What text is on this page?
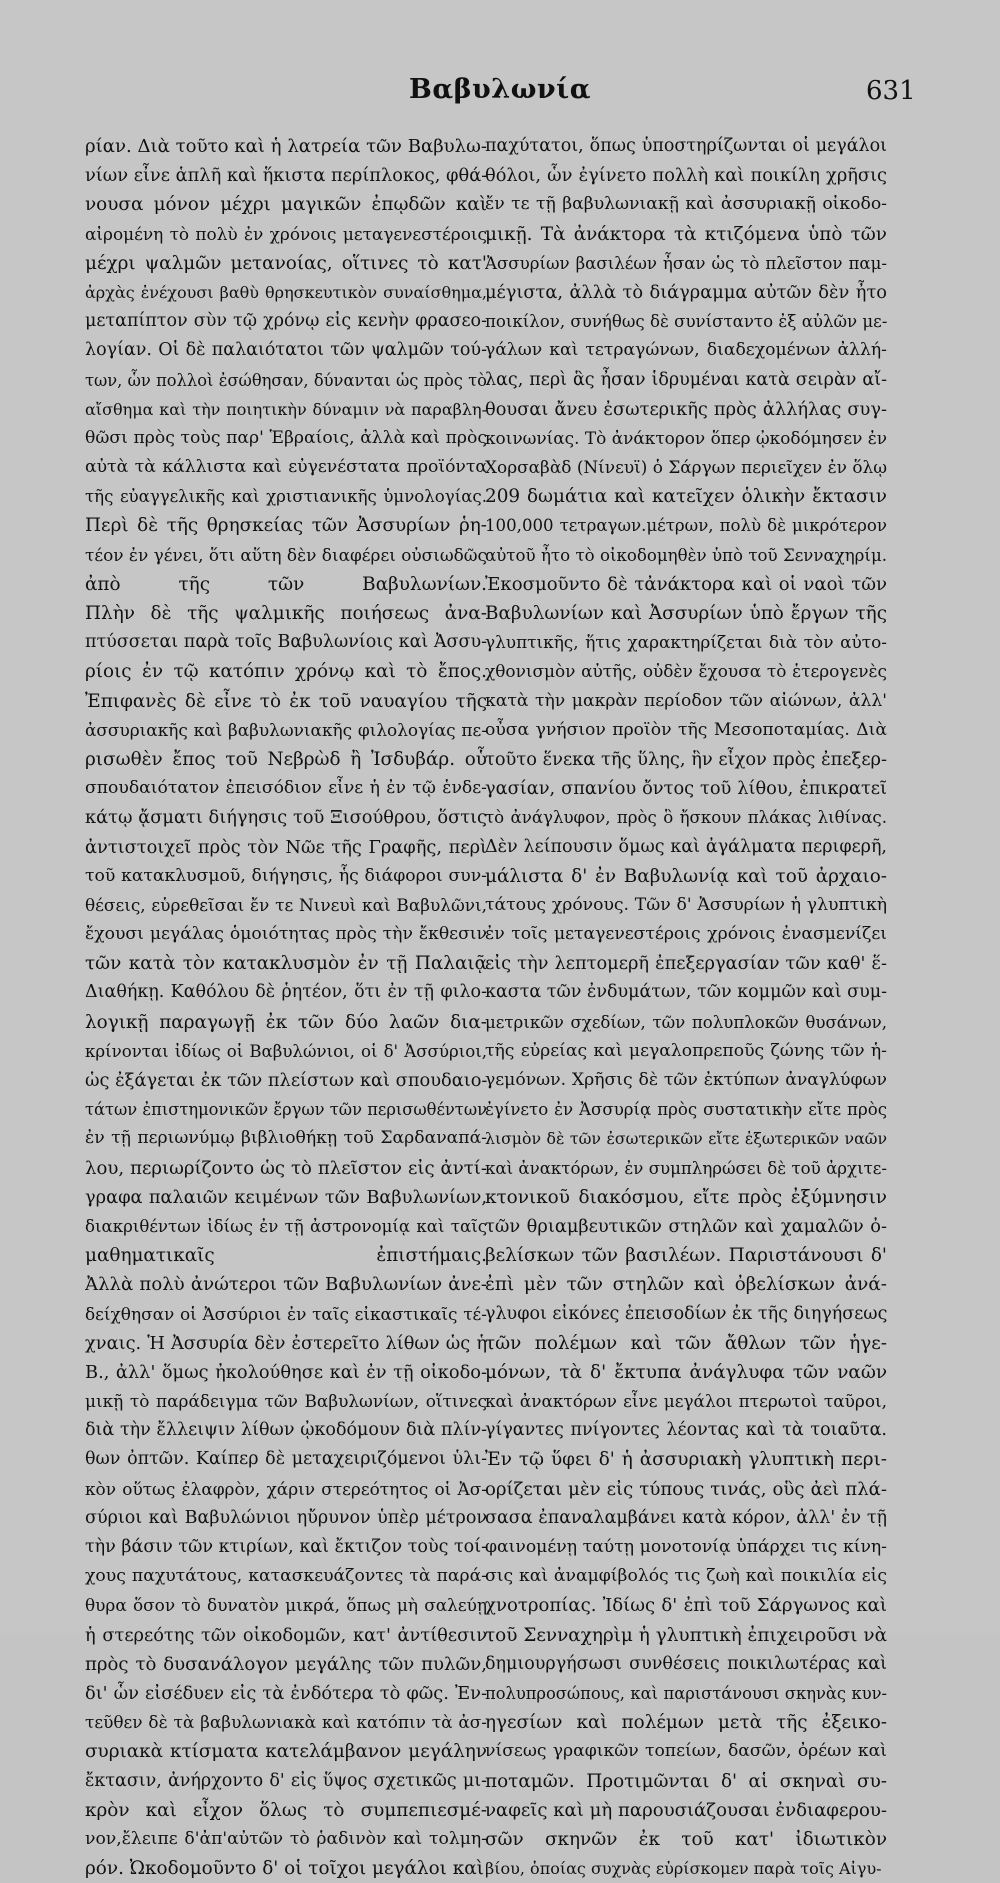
Βαβυλωνία	631
ρίαν. Διὰ τοῦτο καὶ ἡ λατρεία τῶν Βαβυλω-
νίων εἶνε ἁπλῆ καὶ ἥκιστα περίπλοκος, φθά-
νουσα μόνον μέχρι μαγικῶν ἐπῳδῶν καὶ
αἰρομένη τὸ πολὺ ἐν χρόνοις μεταγενεστέροις
μέχρι ψαλμῶν μετανοίας, οἵτινες τὸ κατ'
ἀρχὰς ἐνέχουσι βαθὺ θρησκευτικὸν συναίσθημα,
μεταπίπτον σὺν τῷ χρόνῳ εἰς κενὴν φρασεο-
λογίαν. Οἱ δὲ παλαιότατοι τῶν ψαλμῶν τού-
των, ὧν πολλοὶ ἐσώθησαν, δύνανται ὡς πρὸς τὸ
αἴσθημα καὶ τὴν ποιητικὴν δύναμιν νὰ παραβλη-
θῶσι πρὸς τοὺς παρ' Ἑβραίοις, ἀλλὰ καὶ πρὸς
αὐτὰ τὰ κάλλιστα καὶ εὐγενέστατα προϊόντα
τῆς εὐαγγελικῆς καὶ χριστιανικῆς ὑμνολογίας.
Περὶ δὲ τῆς θρησκείας τῶν Ἀσσυρίων ῥη-
τέον ἐν γένει, ὅτι αὕτη δὲν διαφέρει οὐσιωδῶς
ἀπὸ τῆς τῶν Βαβυλωνίων.
Πλὴν δὲ τῆς ψαλμικῆς ποιήσεως ἀνα-
πτύσσεται παρὰ τοῖς Βαβυλωνίοις καὶ Ἀσσυ-
ρίοις ἐν τῷ κατόπιν χρόνῳ καὶ τὸ ἔπος.
Ἐπιφανὲς δὲ εἶνε τὸ ἐκ τοῦ ναυαγίου τῆς
ἀσσυριακῆς καὶ βαβυλωνιακῆς φιλολογίας πε-
ρισωθὲν ἔπος τοῦ Νεβρὼδ ἢ Ἰσδυβάρ. οὗ
σπουδαιότατον ἐπεισόδιον εἶνε ἡ ἐν τῷ ἑνδε-
κάτῳ ᾄσματι διήγησις τοῦ Ξισούθρου, ὅστις
ἀντιστοιχεῖ πρὸς τὸν Νῶε τῆς Γραφῆς, περὶ
τοῦ κατακλυσμοῦ, διήγησις, ἧς διάφοροι συν-
θέσεις, εὑρεθεῖσαι ἔν τε Νινευὶ καὶ Βαβυλῶνι,
ἔχουσι μεγάλας ὁμοιότητας πρὸς τὴν ἔκθεσιν
τῶν κατὰ τὸν κατακλυσμὸν ἐν τῇ Παλαιᾷ
Διαθήκῃ. Καθόλου δὲ ῥητέον, ὅτι ἐν τῇ φιλο-
λογικῇ παραγωγῇ ἐκ τῶν δύο λαῶν δια-
κρίνονται ἰδίως οἱ Βαβυλώνιοι, οἱ δ' Ἀσσύριοι,
ὡς ἐξάγεται ἐκ τῶν πλείστων καὶ σπουδαιο-
τάτων ἐπιστημονικῶν ἔργων τῶν περισωθέντων
ἐν τῇ περιωνύμῳ βιβλιοθήκῃ τοῦ Σαρδαναπά-
λου, περιωρίζοντο ὡς τὸ πλεῖστον εἰς ἀντί-
γραφα παλαιῶν κειμένων τῶν Βαβυλωνίων,
διακριθέντων ἰδίως ἐν τῇ ἀστρονομίᾳ καὶ ταῖς
μαθηματικαῖς ἐπιστήμαις.
Ἀλλὰ πολὺ ἀνώτεροι τῶν Βαβυλωνίων ἀνε-
δείχθησαν οἱ Ἀσσύριοι ἐν ταῖς εἰκαστικαῖς τέ-
χναις. Ἡ Ἀσσυρία δὲν ἐστερεῖτο λίθων ὡς ἡ
Β., ἀλλ' ὅμως ἠκολούθησε καὶ ἐν τῇ οἰκοδο-
μικῇ τὸ παράδειγμα τῶν Βαβυλωνίων, οἵτινες
διὰ τὴν ἔλλειψιν λίθων ᾠκοδόμουν διὰ πλίν-
θων ὀπτῶν. Καίπερ δὲ μεταχειριζόμενοι ὑλι-
κὸν οὕτως ἐλαφρὸν, χάριν στερεότητος οἱ Ἀσ-
σύριοι καὶ Βαβυλώνιοι ηὔρυνον ὑπὲρ μέτρον
τὴν βάσιν τῶν κτιρίων, καὶ ἔκτιζον τοὺς τοί-
χους παχυτάτους, κατασκευάζοντες τὰ παρά-
θυρα ὅσον τὸ δυνατὸν μικρά, ὅπως μὴ σαλεύῃ
ἡ στερεότης τῶν οἰκοδομῶν, κατ' ἀντίθεσιν
πρὸς τὸ δυσανάλογον μεγάλης τῶν πυλῶν,
δι' ὧν εἰσέδυεν εἰς τὰ ἐνδότερα τὸ φῶς. Ἐν-
τεῦθεν δὲ τὰ βαβυλωνιακὰ καὶ κατόπιν τὰ ἀσ-
συριακὰ κτίσματα κατελάμβανον μεγάλην
ἔκτασιν, ἀνήρχοντο δ' εἰς ὕψος σχετικῶς μι-
κρὸν καὶ εἶχον ὅλως τὸ συμπεπιεσμέ-
νον,ἔλειπε δ'ἀπ'αὐτῶν τὸ ῥαδινὸν καὶ τολμη-
ρόν. Ὠκοδομοῦντο δ' οἱ τοῖχοι μεγάλοι καὶ
παχύτατοι, ὅπως ὑποστηρίζωνται οἱ μεγάλοι
θόλοι, ὧν ἐγίνετο πολλὴ καὶ ποικίλη χρῆσις
ἔν τε τῇ βαβυλωνιακῇ καὶ ἀσσυριακῇ οἰκοδο-
μικῇ. Τὰ ἀνάκτορα τὰ κτιζόμενα ὑπὸ τῶν
Ἀσσυρίων βασιλέων ἦσαν ὡς τὸ πλεῖστον παμ-
μέγιστα, ἀλλὰ τὸ διάγραμμα αὐτῶν δὲν ἦτο
ποικίλον, συνήθως δὲ συνίσταντο ἐξ αὐλῶν με-
γάλων καὶ τετραγώνων, διαδεχομένων ἀλλή-
λας, περὶ ἃς ἦσαν ἱδρυμέναι κατὰ σειρὰν αἴ-
θουσαι ἄνευ ἐσωτερικῆς πρὸς ἀλλήλας συγ-
κοινωνίας. Τὸ ἀνάκτορον ὅπερ ᾠκοδόμησεν ἐν
Χορσαβὰδ (Νίνευϊ) ὁ Σάργων περιεῖχεν ἐν ὅλῳ
209 δωμάτια καὶ κατεῖχεν ὁλικὴν ἔκτασιν
100,000 τετραγων.μέτρων, πολὺ δὲ μικρότερον
αὐτοῦ ἦτο τὸ οἰκοδομηθὲν ὑπὸ τοῦ Σενναχηρίμ.
Ἐκοσμοῦντο δὲ τἀνάκτορα καὶ οἱ ναοὶ τῶν
Βαβυλωνίων καὶ Ἀσσυρίων ὑπὸ ἔργων τῆς
γλυπτικῆς, ἥτις χαρακτηρίζεται διὰ τὸν αὐτο-
χθονισμὸν αὐτῆς, οὐδὲν ἔχουσα τὸ ἑτερογενὲς
κατὰ τὴν μακρὰν περίοδον τῶν αἰώνων, ἀλλ'
οὖσα γνήσιον προϊὸν τῆς Μεσοποταμίας. Διὰ
τοῦτο ἕνεκα τῆς ὕλης, ἣν εἶχον πρὸς ἐπεξερ-
γασίαν, σπανίου ὄντος τοῦ λίθου, ἐπικρατεῖ
τὸ ἀνάγλυφον, πρὸς ὃ ἤσκουν πλάκας λιθίνας.
Δὲν λείπουσιν ὅμως καὶ ἀγάλματα περιφερῆ,
μάλιστα δ' ἐν Βαβυλωνίᾳ καὶ τοῦ ἀρχαιο-
τάτους χρόνους. Τῶν δ' Ἀσσυρίων ἡ γλυπτικὴ
ἐν τοῖς μεταγενεστέροις χρόνοις ἐνασμενίζει
εἰς τὴν λεπτομερῆ ἐπεξεργασίαν τῶν καθ' ἕ-
καστα τῶν ἐνδυμάτων, τῶν κομμῶν καὶ συμ-
μετρικῶν σχεδίων, τῶν πολυπλοκῶν θυσάνων,
τῆς εὐρείας καὶ μεγαλοπρεποῦς ζώνης τῶν ἡ-
γεμόνων. Χρῆσις δὲ τῶν ἐκτύπων ἀναγλύφων
ἐγίνετο ἐν Ἀσσυρίᾳ πρὸς συστατικὴν εἴτε πρὸς
λισμὸν δὲ τῶν ἐσωτερικῶν εἴτε ἐξωτερικῶν ναῶν
καὶ ἀνακτόρων, ἐν συμπληρώσει δὲ τοῦ ἀρχιτε-
κτονικοῦ διακόσμου, εἴτε πρὸς ἐξύμνησιν
τῶν θριαμβευτικῶν στηλῶν καὶ χαμαλῶν ὀ-
βελίσκων τῶν βασιλέων. Παριστάνουσι δ'
ἐπὶ μὲν τῶν στηλῶν καὶ ὀβελίσκων ἀνά-
γλυφοι εἰκόνες ἐπεισοδίων ἐκ τῆς διηγήσεως
τῶν πολέμων καὶ τῶν ἄθλων τῶν ἡγε-
μόνων, τὰ δ' ἔκτυπα ἀνάγλυφα τῶν ναῶν
καὶ ἀνακτόρων εἶνε μεγάλοι πτερωτοὶ ταῦροι,
γίγαντες πνίγοντες λέοντας καὶ τὰ τοιαῦτα.
Ἐν τῷ ὕφει δ' ἡ ἀσσυριακὴ γλυπτικὴ περι-
ορίζεται μὲν εἰς τύπους τινάς, οὓς ἀεὶ πλά-
σασα ἐπαναλαμβάνει κατὰ κόρον, ἀλλ' ἐν τῇ
φαινομένῃ ταύτῃ μονοτονίᾳ ὑπάρχει τις κίνη-
σις καὶ ἀναμφίβολός τις ζωὴ καὶ ποικιλία εἰς
χνοτροπίας. Ἰδίως δ' ἐπὶ τοῦ Σάργωνος καὶ
τοῦ Σενναχηρὶμ ἡ γλυπτικὴ ἐπιχειροῦσι νὰ
δημιουργήσωσι συνθέσεις ποικιλωτέρας καὶ
πολυπροσώπους, καὶ παριστάνουσι σκηνὰς κυν-
ηγεσίων καὶ πολέμων μετὰ τῆς ἐξεικο-
νίσεως γραφικῶν τοπείων, δασῶν, ὀρέων καὶ
ποταμῶν. Προτιμῶνται δ' αἱ σκηναὶ συ-
ναφεῖς καὶ μὴ παρουσιάζουσαι ἐνδιαφερου-
σῶν σκηνῶν ἐκ τοῦ κατ' ἰδιωτικὸν
βίου, ὁποίας συχνὰς εὑρίσκομεν παρὰ τοῖς Αἰγυ-
